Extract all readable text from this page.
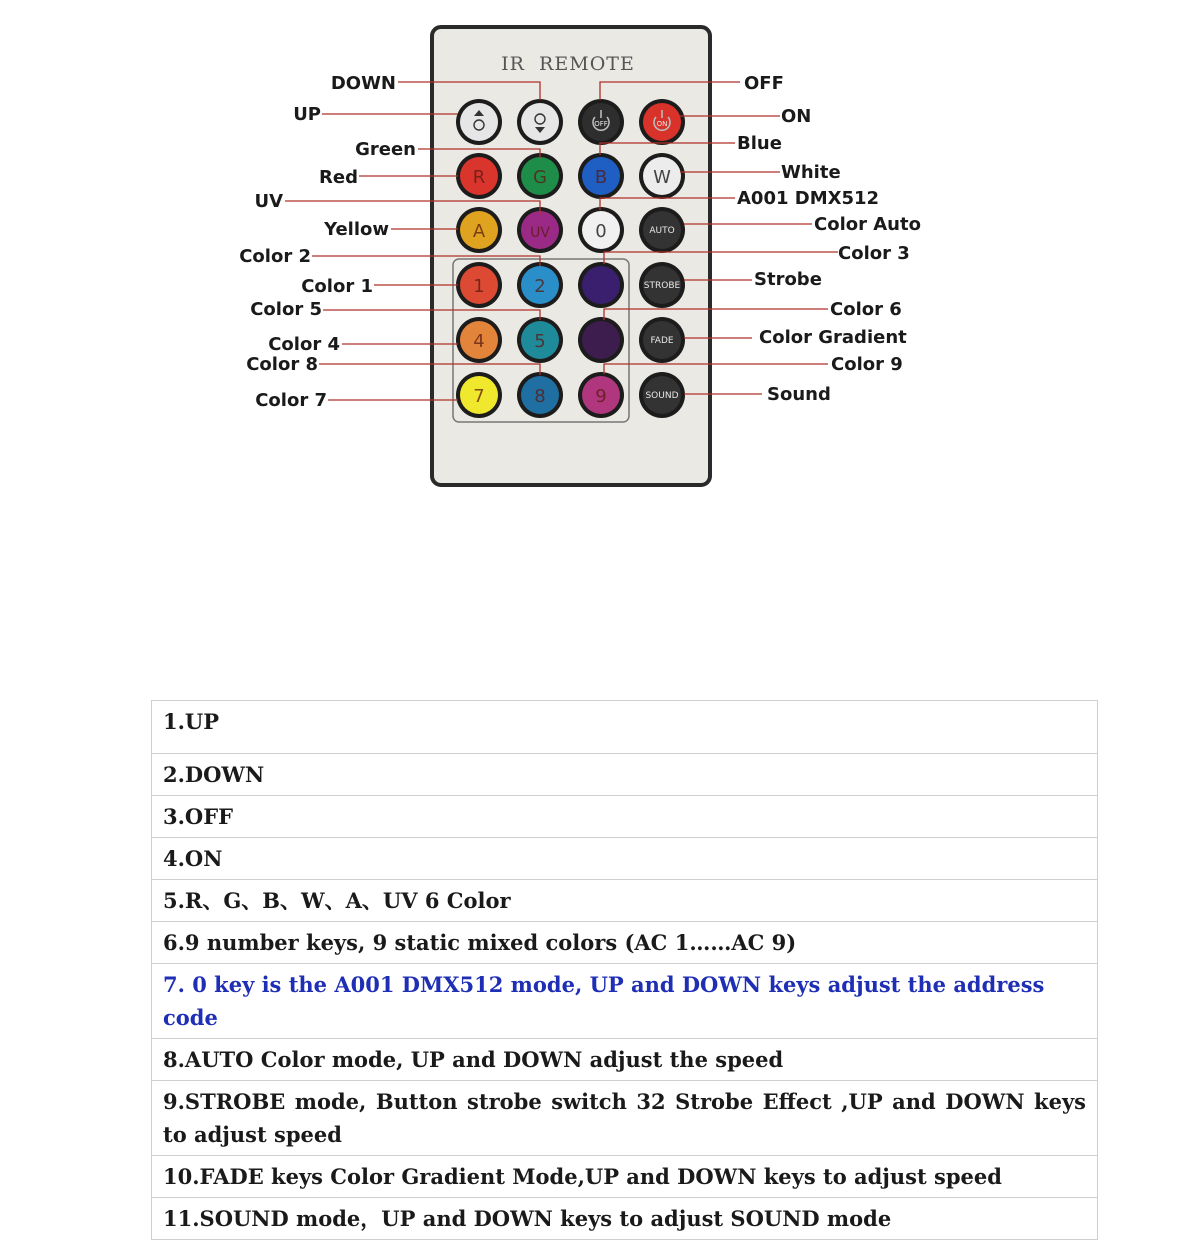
IR  REMOTE
OFF	ON
R	G	B	W
A	UV	0	AUTO
1	2	STROBE
4	5	FADE
7	8	9	SOUND
DOWN
UP
Green
Red
UV
Yellow
Color 2
Color 1
Color 5
Color 4
Color 8
Color 7
OFF
ON
Blue
White
A001 DMX512
Color Auto
Color 3
Strobe
Color 6
Color Gradient
Color 9
Sound
1.UP
2.DOWN
3.OFF
4.ON
5.R、G、B、W、A、UV 6 Color
6.9 number keys, 9 static mixed colors (AC 1……AC 9)
7. 0 key is the A001 DMX512 mode, UP and DOWN keys adjust the address code
8.AUTO Color mode, UP and DOWN adjust the speed
9.STROBE mode, Button strobe switch 32 Strobe Effect ,UP and DOWN keys to adjust speed
10.FADE keys Color Gradient Mode,UP and DOWN keys to adjust speed
11.SOUND mode，UP and DOWN keys to adjust SOUND mode
